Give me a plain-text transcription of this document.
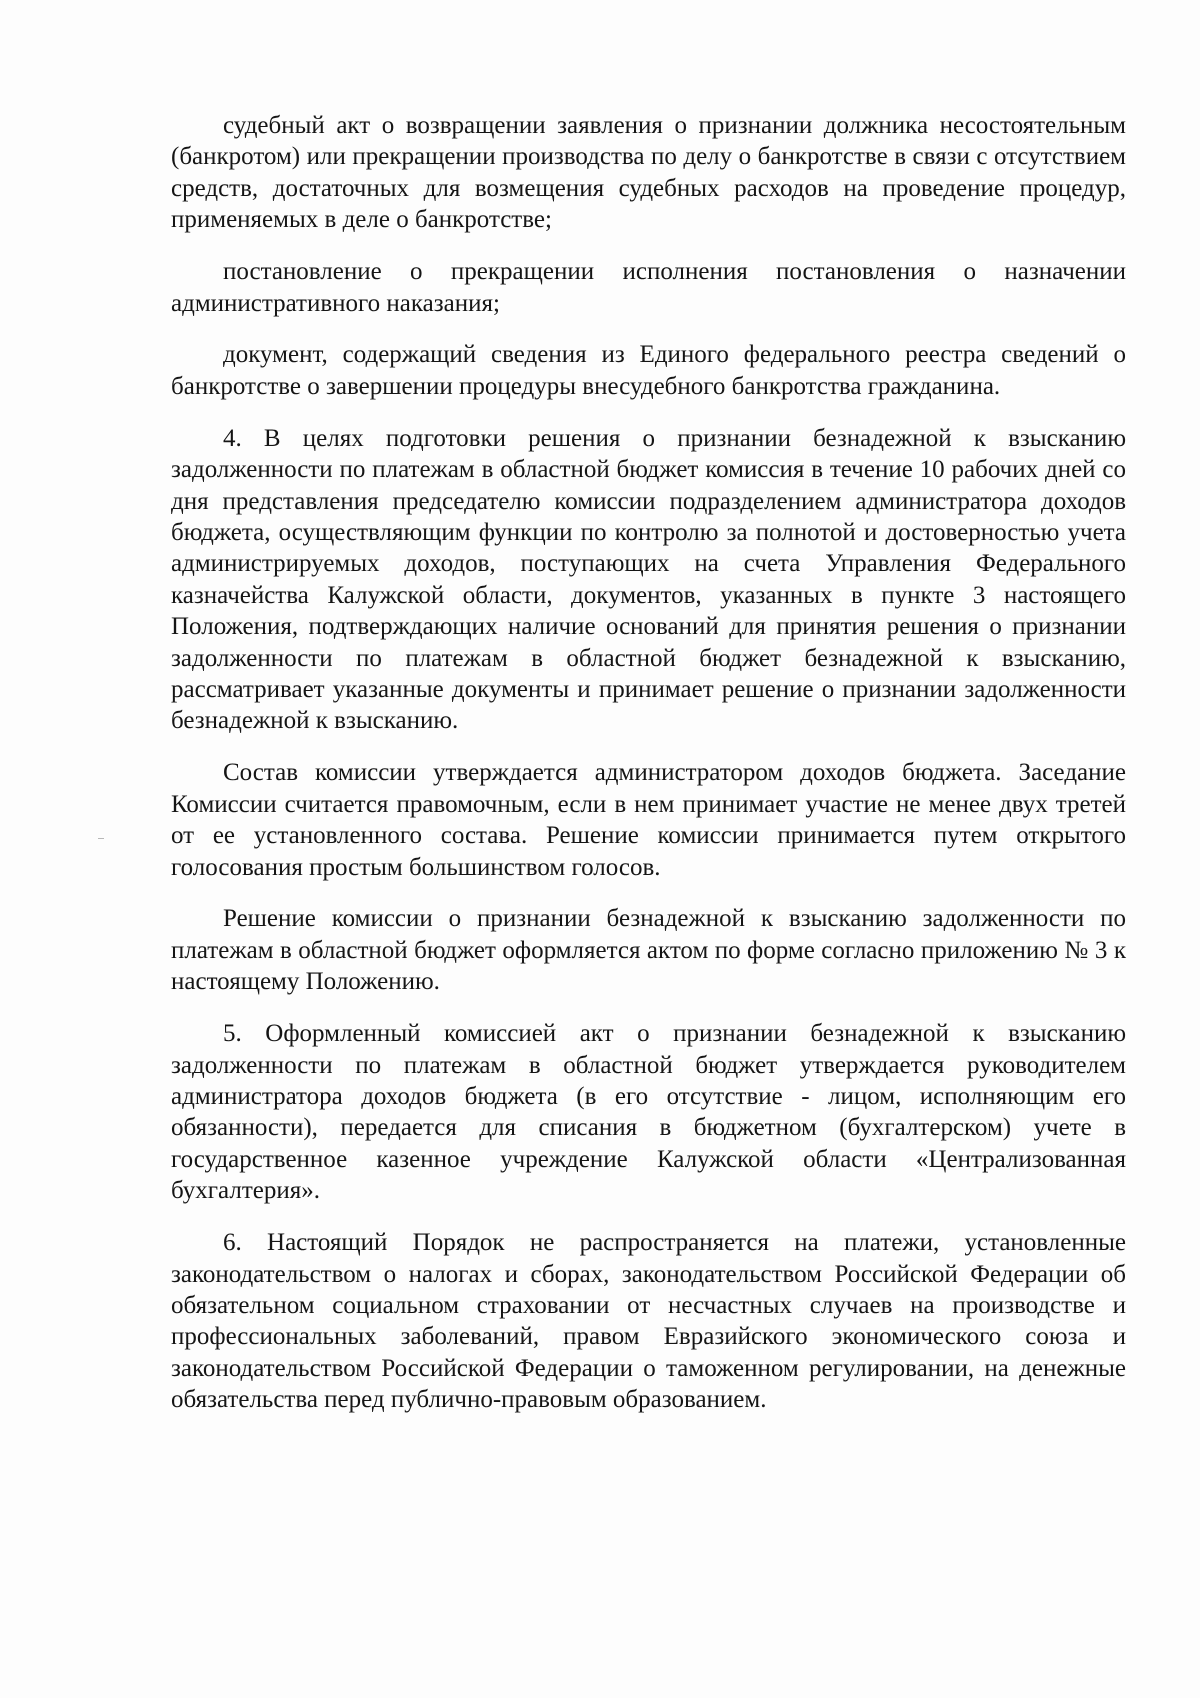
судебный акт о возвращении заявления о признании должника несостоятельным (банкротом) или прекращении производства по делу о банкротстве в связи с отсутствием средств, достаточных для возмещения судебных расходов на проведение процедур, применяемых в деле о банкротстве;

постановление о прекращении исполнения постановления о назначении административного наказания;

документ, содержащий сведения из Единого федерального реестра сведений о банкротстве о завершении процедуры внесудебного банкротства гражданина.

4. В целях подготовки решения о признании безнадежной к взысканию задолженности по платежам в областной бюджет комиссия в течение 10 рабочих дней со дня представления председателю комиссии подразделением администратора доходов бюджета, осуществляющим функции по контролю за полнотой и достоверностью учета администрируемых доходов, поступающих на счета Управления Федерального казначейства Калужской области, документов, указанных в пункте 3 настоящего Положения, подтверждающих наличие оснований для принятия решения о признании задолженности по платежам в областной бюджет безнадежной к взысканию, рассматривает указанные документы и принимает решение о признании задолженности безнадежной к взысканию.

Состав комиссии утверждается администратором доходов бюджета. Заседание Комиссии считается правомочным, если в нем принимает участие не менее двух третей от ее установленного состава. Решение комиссии принимается путем открытого голосования простым большинством голосов.

Решение комиссии о признании безнадежной к взысканию задолженности по платежам в областной бюджет оформляется актом по форме согласно приложению № 3 к настоящему Положению.

5. Оформленный комиссией акт о признании безнадежной к взысканию задолженности по платежам в областной бюджет утверждается руководителем администратора доходов бюджета (в его отсутствие - лицом, исполняющим его обязанности), передается для списания в бюджетном (бухгалтерском) учете в государственное казенное учреждение Калужской области «Централизованная бухгалтерия».

6. Настоящий Порядок не распространяется на платежи, установленные законодательством о налогах и сборах, законодательством Российской Федерации об обязательном социальном страховании от несчастных случаев на производстве и профессиональных заболеваний, правом Евразийского экономического союза и законодательством Российской Федерации о таможенном регулировании, на денежные обязательства перед публично-правовым образованием.
